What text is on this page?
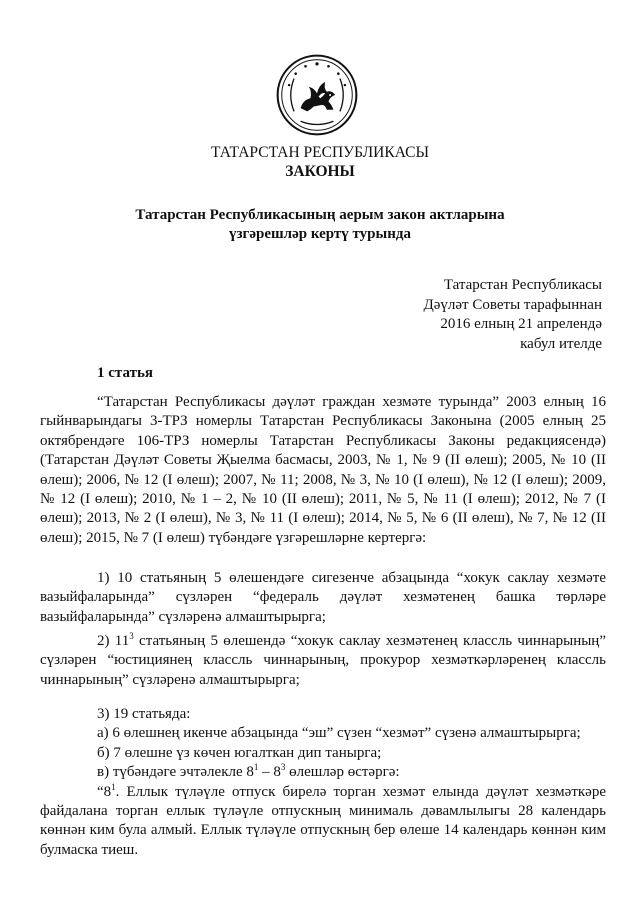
ТАТАРСТАН РЕСПУБЛИКАСЫ
ЗАКОНЫ
Татарстан Республикасының аерым закон актларына
үзгәрешләр кертү турында
Татарстан Республикасы
Дәүләт Советы тарафыннан
2016 елның 21 апрелендә
кабул ителде
1 статья

“Татарстан Республикасы дәүләт граждан хезмәте турында” 2003 елның 16 гыйнварындагы 3-ТРЗ номерлы Татарстан Республикасы Законына (2005 елның 25 октябрендәге 106-ТРЗ номерлы Татарстан Республикасы Законы редакциясендә) (Татарстан Дәүләт Советы Җыелма басмасы, 2003, № 1, № 9 (II өлеш); 2005, № 10 (II өлеш); 2006, № 12 (I өлеш); 2007, № 11; 2008, № 3, № 10 (I өлеш), № 12 (I өлеш); 2009, № 12 (I өлеш); 2010, № 1 – 2, № 10 (II өлеш); 2011, № 5, № 11 (I өлеш); 2012, № 7 (I өлеш); 2013, № 2 (I өлеш), № 3, № 11 (I өлеш); 2014, № 5, № 6 (II өлеш), № 7, № 12 (II өлеш); 2015, № 7 (I өлеш) түбәндәге үзгәрешләрне кертергә:

1) 10 статьяның 5 өлешендәге сигезенче абзацында “хокук саклау хезмәте вазыйфаларында” сүзләрен “федераль дәүләт хезмәтенең башка төрләре вазыйфаларында” сүзләренә алмаштырырга;

2) $11^3$ статьяның 5 өлешендә “хокук саклау хезмәтенең классль чиннарының” сүзләрен “юстициянең классль чиннарының, прокурор хезмәткәрләренең классль чиннарының” сүзләренә алмаштырырга;

3) 19 статьяда:

а) 6 өлешнең икенче абзацында “эш” сүзен “хезмәт” сүзенә алмаштырырга;

б) 7 өлешне үз көчен югалткан дип танырга;

в) түбәндәге эчтәлекле $8^1 - 8^3$ өлешләр өстәргә:

“$8^1$. Еллык түләүле отпуск бирелә торган хезмәт елында дәүләт хезмәткәре файдалана торган еллык түләүле отпускның минималь дәвамлылыгы 28 календарь көннән ким була алмый. Еллык түләүле отпускның бер өлеше 14 календарь көннән ким булмаска тиеш.
